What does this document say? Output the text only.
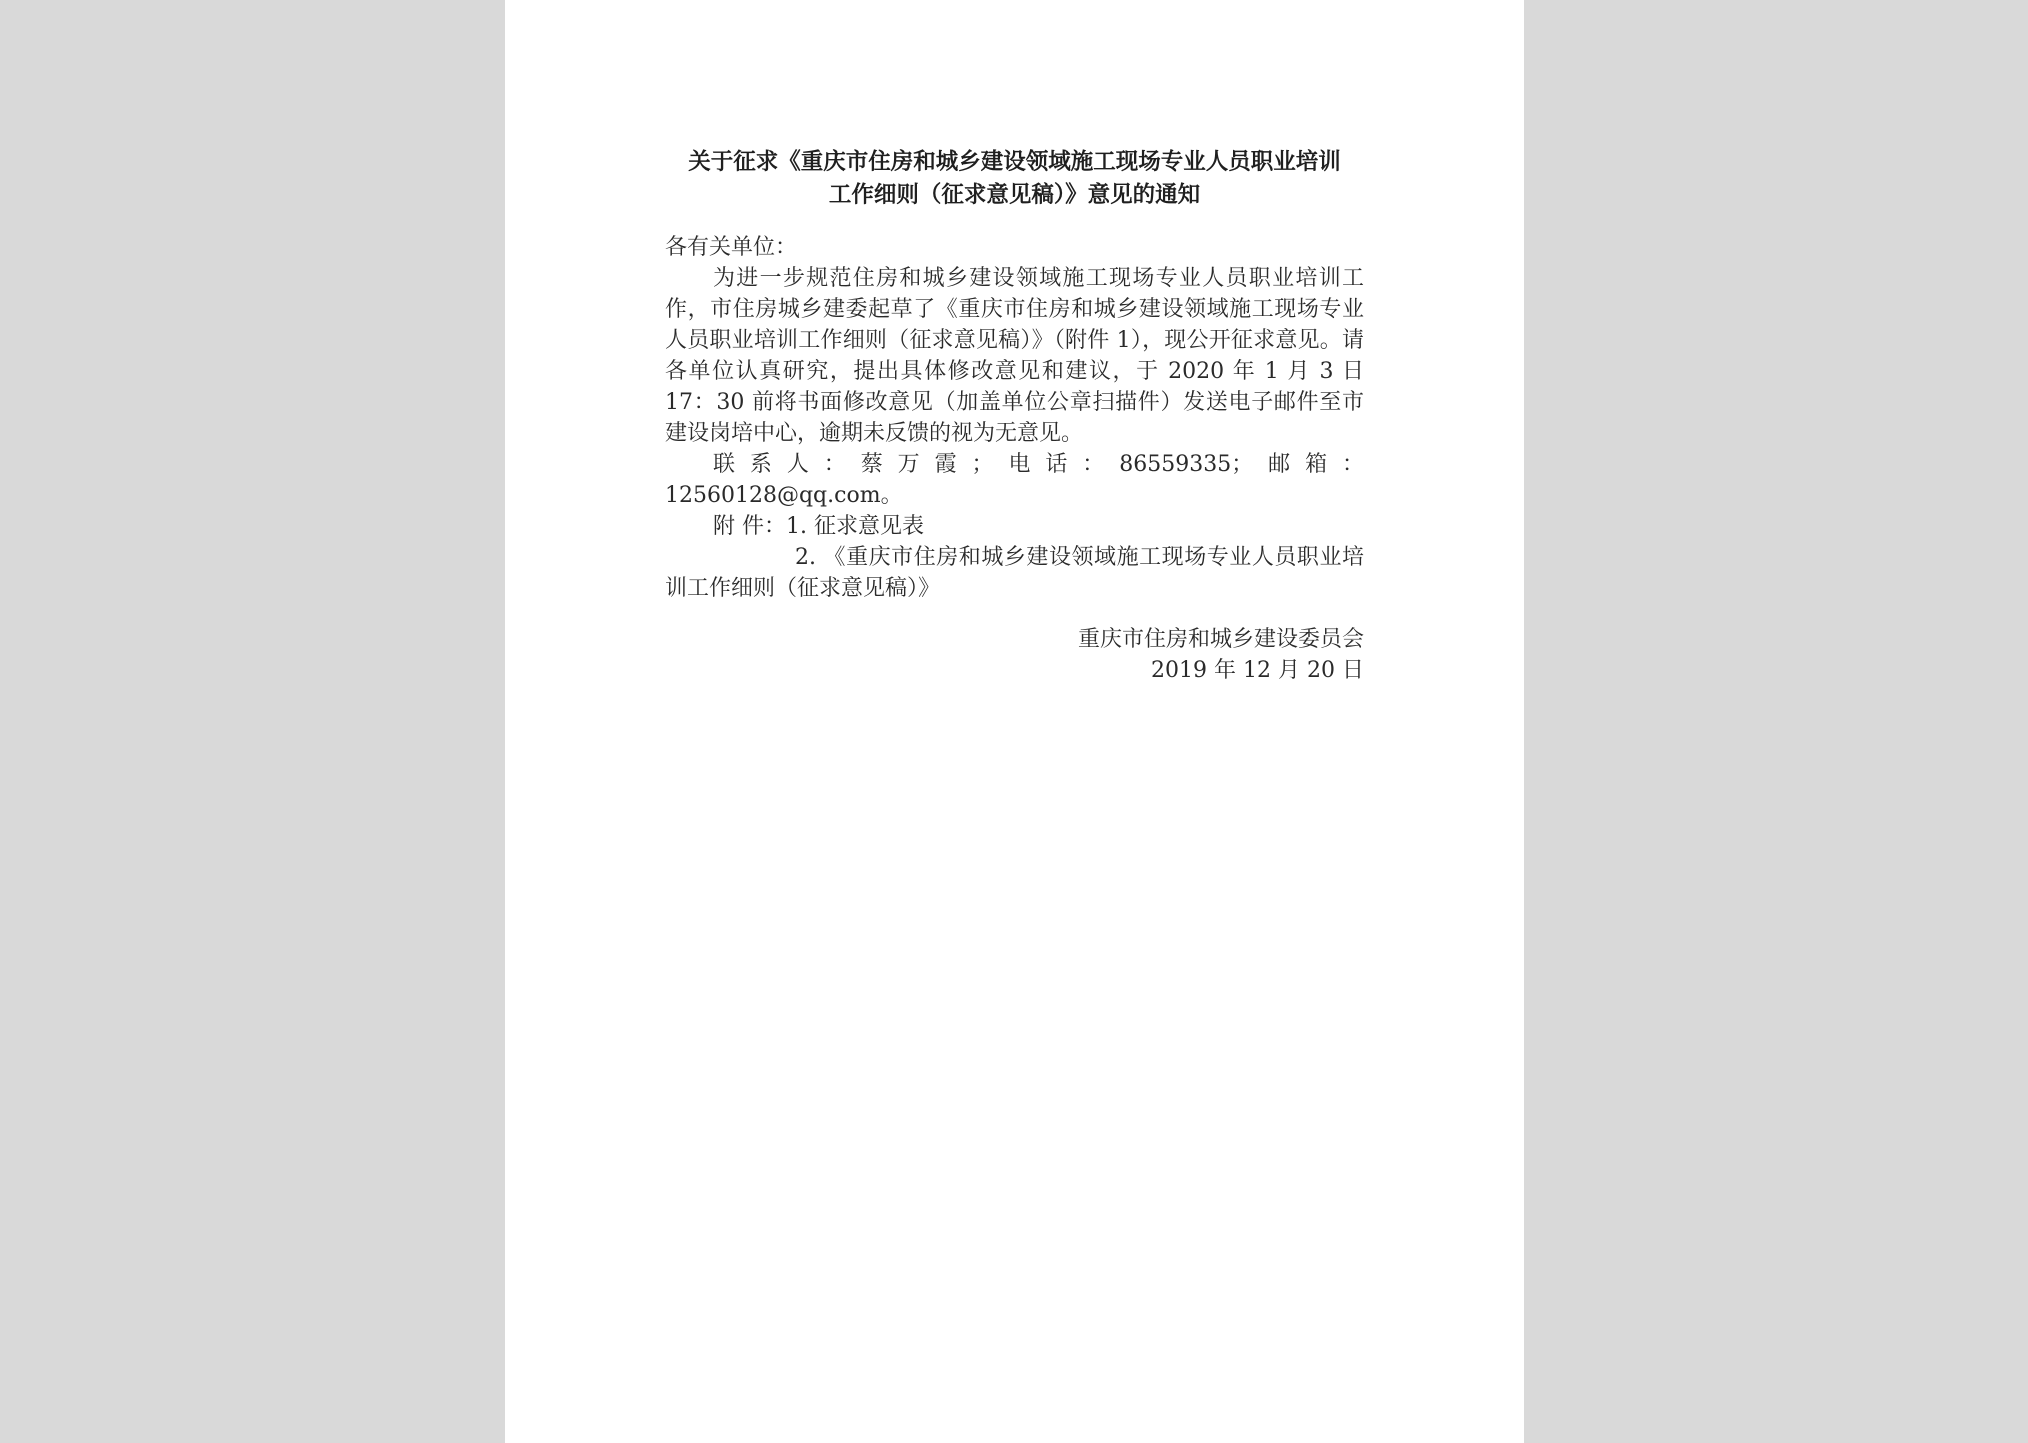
关于征求《重庆市住房和城乡建设领域施工现场专业人员职业培训
工作细则（征求意见稿）》意见的通知

各有关单位：

为进一步规范住房和城乡建设领域施工现场专业人员职业培训工作，市住房城乡建委起草了《重庆市住房和城乡建设领域施工现场专业人员职业培训工作细则（征求意见稿）》（附件 1），现公开征求意见。请各单位认真研究，提出具体修改意见和建议，于 2020 年 1 月 3 日 17：30 前将书面修改意见（加盖单位公章扫描件）发送电子邮件至市建设岗培中心，逾期未反馈的视为无意见。

联系人：蔡万霞；电话：86559335；邮箱：12560128@qq.com。

附 件：1. 征求意见表

2. 《重庆市住房和城乡建设领域施工现场专业人员职业培训工作细则（征求意见稿）》

重庆市住房和城乡建设委员会
2019 年 12 月 20 日
